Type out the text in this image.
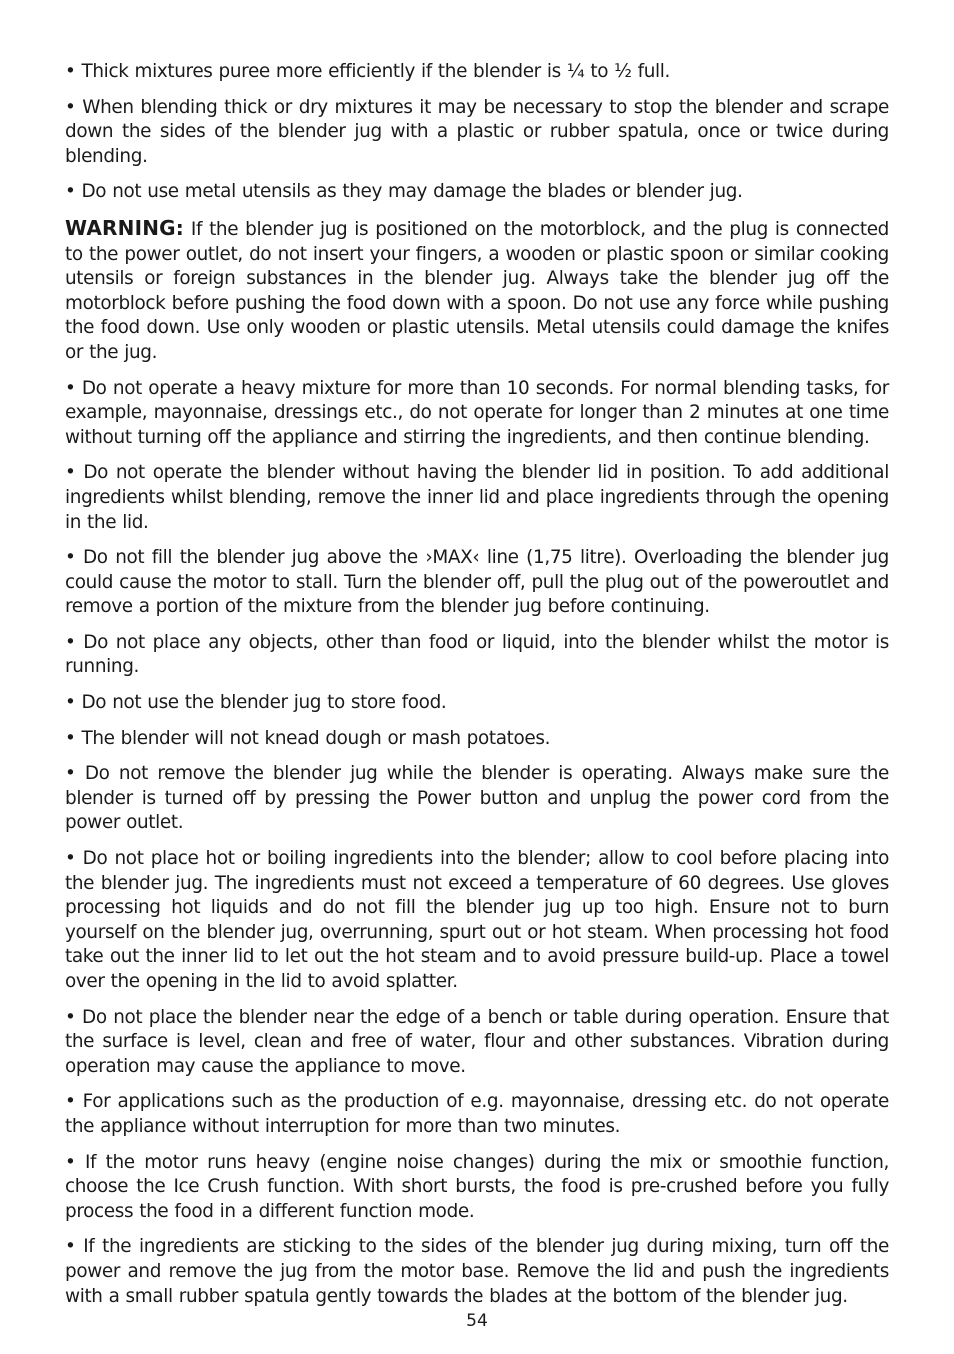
• Thick mixtures puree more efficiently if the blender is ¼ to ½ full.

• When blending thick or dry mixtures it may be necessary to stop the blender and scrape down the sides of the blender jug with a plastic or rubber spatula, once or twice during blending.

• Do not use metal utensils as they may damage the blades or blender jug.

WARNING: If the blender jug is positioned on the motorblock, and the plug is connected to the power outlet, do not insert your fingers, a wooden or plastic spoon or similar cooking utensils or foreign substances in the blender jug. Always take the blender jug off the motorblock before pushing the food down with a spoon. Do not use any force while pushing the food down. Use only wooden or plastic utensils. Metal utensils could damage the knifes or the jug.

• Do not operate a heavy mixture for more than 10 seconds. For normal blending tasks, for example, mayonnaise, dressings etc., do not operate for longer than 2 minutes at one time without turning off the appliance and stirring the ingredients, and then continue blending.

• Do not operate the blender without having the blender lid in position. To add additional ingredients whilst blending, remove the inner lid and place ingredients through the opening in the lid.

• Do not fill the blender jug above the ›MAX‹ line (1,75 litre). Overloading the blender jug could cause the motor to stall. Turn the blender off, pull the plug out of the poweroutlet and remove a portion of the mixture from the blender jug before continuing.

• Do not place any objects, other than food or liquid, into the blender whilst the motor is running.

• Do not use the blender jug to store food.

• The blender will not knead dough or mash potatoes.

• Do not remove the blender jug while the blender is operating. Always make sure the blender is turned off by pressing the Power button and unplug the power cord from the power outlet.

• Do not place hot or boiling ingredients into the blender; allow to cool before placing into the blender jug. The ingredients must not exceed a temperature of 60 degrees. Use gloves processing hot liquids and do not fill the blender jug up too high. Ensure not to burn yourself on the blender jug, overrunning, spurt out or hot steam. When processing hot food take out the inner lid to let out the hot steam and to avoid pressure build-up. Place a towel over the opening in the lid to avoid splatter.

• Do not place the blender near the edge of a bench or table during operation. Ensure that the surface is level, clean and free of water, flour and other substances. Vibration during operation may cause the appliance to move.

• For applications such as the production of e.g. mayonnaise, dressing etc. do not operate the appliance without interruption for more than two minutes.

• If the motor runs heavy (engine noise changes) during the mix or smoothie function, choose the Ice Crush function. With short bursts, the food is pre-crushed before you fully process the food in a different function mode.

• If the ingredients are sticking to the sides of the blender jug during mixing, turn off the power and remove the jug from the motor base. Remove the lid and push the ingredients with a small rubber spatula gently towards the blades at the bottom of the blender jug.

54
